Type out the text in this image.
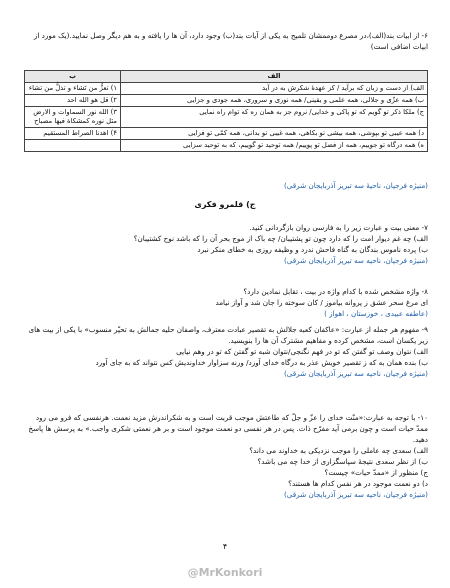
۶- از ابیات بند(الف)،در مصرع دوممشان تلمیح به یکی از آیات بند(ب) وجود دارد، آن ها را یافته و به هم دیگر وصل نمایید.(یک مورد از ابیات اضافی است)
الف	ب
الف) از دست و زبان که برآید / کز عهدهٔ شکرش به در آید	۱) تعزُّ من تَشاء و تذلُّ من تشاء
ب) همه عزّی و جلالی، همه علمی و یقینی/ همه نوری و سروری، همه جودی و جزایی	۲) قل هو الله احد
ج) ملکا ذکر تو گویم که تو پاکی و خدایی/ نروم جز به همان ره که توام راه نمایی	۳) الله نور السماوات و الارض مثل نوره کمشکاة فیها مصباح
د) همه عیبی تو بپوشی، همه بیشی تو بکاهی، همه غیبی تو بدانی، همه کمّی تو فزایی	۴) اهدنا الصراط المستقیم
ه) همه درگاه تو جوییم، همه از فضل تو پوییم/ همه توحید تو گوییم، که به توحید سزایی	
(منیژه فرجیان، ناحیهٔ سه تبریز آذربایجان شرقی)
ج) قلمرو فکری
۷- معنی بیت و عبارت زیر را به فارسی روان بازگردانی کنید.
الف) چه غم دیوار امت را که دارد چون تو پشتیبان/ چه باک از موج بحر آن را که باشد نوح کشتیبان؟
ب) پرده ناموس بندگان به گناه فاحش ندرد و وظیفه روزی به خطای منکر نبرد
(منیژه فرجیان، ناحیه سه تبریز آذربایجان شرقی)
۸- واژه مشخص شده با کدام واژه در بیت ، تقابل نمادین دارد؟
ای مرغ سحر عشق ز پروانه بیاموز / کان سوخته را جان شد و آواز نیامد
(عاطفه عبیدی ، خوزستان ، اهواز )
۹- مفهوم هر جمله از عبارت: «عاکفان کعبه جلالش به تقصیر عبادت معترف، واصفان حلیه جمالش به تحیّر منسوب» با یکی از بیت های زیر یکسان است، مشخص کرده و مفاهیم مشترک آن ها را بنویسید.
الف) نتوان وصف تو گفتن که تو در فهم نگنجی/نتوان شبه تو گفتن که تو در وهم نیایی
ب) بنده همان به که ز تقصیر خویش عذر به درگاه خدای آورد/ ورنه سزاوار خداوندیش کس نتواند که به جای آورد
(منیژه فرجیان، ناحیه سه تبریز آذربایجان شرقی)
۱۰- با توجه به عبارت:«منّت خدای را عزّ و جلّ که طاعتش موجب قربت است و به شکراندرش مزید نعمت. هرنفسی که فرو می رود ممدّ حیات است و چون برمی آید مفرّح ذات. پس در هر نفسی دو نعمت موجود است و بر هر نعمتی شکری واجب.» به پرسش ها پاسخ دهید.
الف) سعدی چه عاملی را موجب نزدیکی به خداوند می داند؟
ب) از نظر سعدی نتیجهٔ سپاسگزاری از خدا چه می باشد؟
ج) منظور از «ممدّ حیات» چیست؟
د) دو نعمت موجود در هر نفس کدام ها هستند؟
(منیژه فرجیان، ناحیه سه تبریز آذربایجان شرقی)
۴
@MrKonkori
